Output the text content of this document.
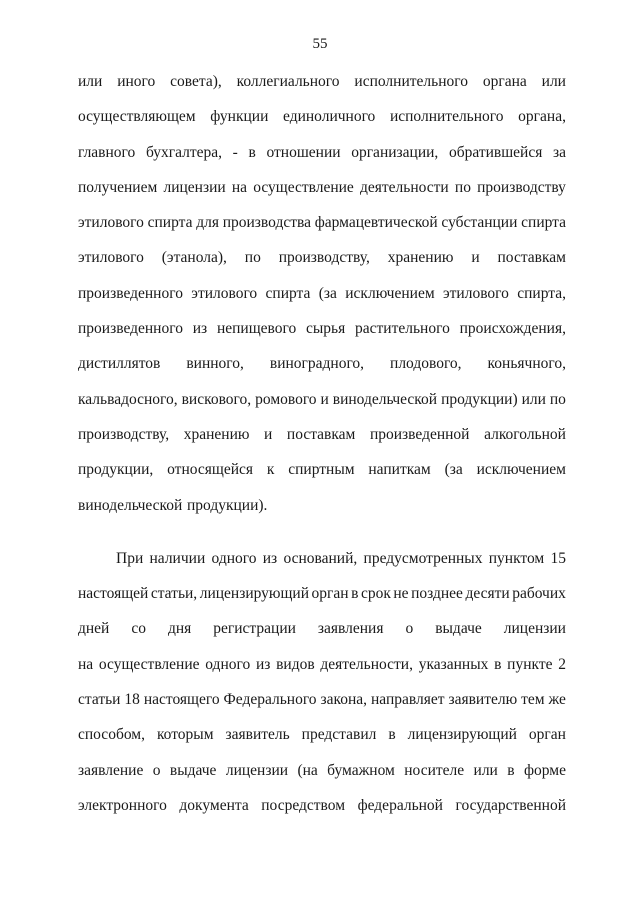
55
или иного совета), коллегиального исполнительного органа или
осуществляющем функции единоличного исполнительного органа,
главного бухгалтера, - в отношении организации, обратившейся за
получением лицензии на осуществление деятельности по производству
этилового спирта для производства фармацевтической субстанции спирта
этилового (этанола), по производству, хранению и поставкам
произведенного этилового спирта (за исключением этилового спирта,
произведенного из непищевого сырья растительного происхождения,
дистиллятов винного, виноградного, плодового, коньячного,
кальвадосного, вискового, ромового и винодельческой продукции) или по
производству, хранению и поставкам произведенной алкогольной
продукции, относящейся к спиртным напиткам (за исключением
винодельческой продукции).
При наличии одного из оснований, предусмотренных пунктом 15
настоящей статьи, лицензирующий орган в срок не позднее десяти рабочих
дней со дня регистрации заявления о выдаче лицензии
на осуществление одного из видов деятельности, указанных в пункте 2
статьи 18 настоящего Федерального закона, направляет заявителю тем же
способом, которым заявитель представил в лицензирующий орган
заявление о выдаче лицензии (на бумажном носителе или в форме
электронного документа посредством федеральной государственной
